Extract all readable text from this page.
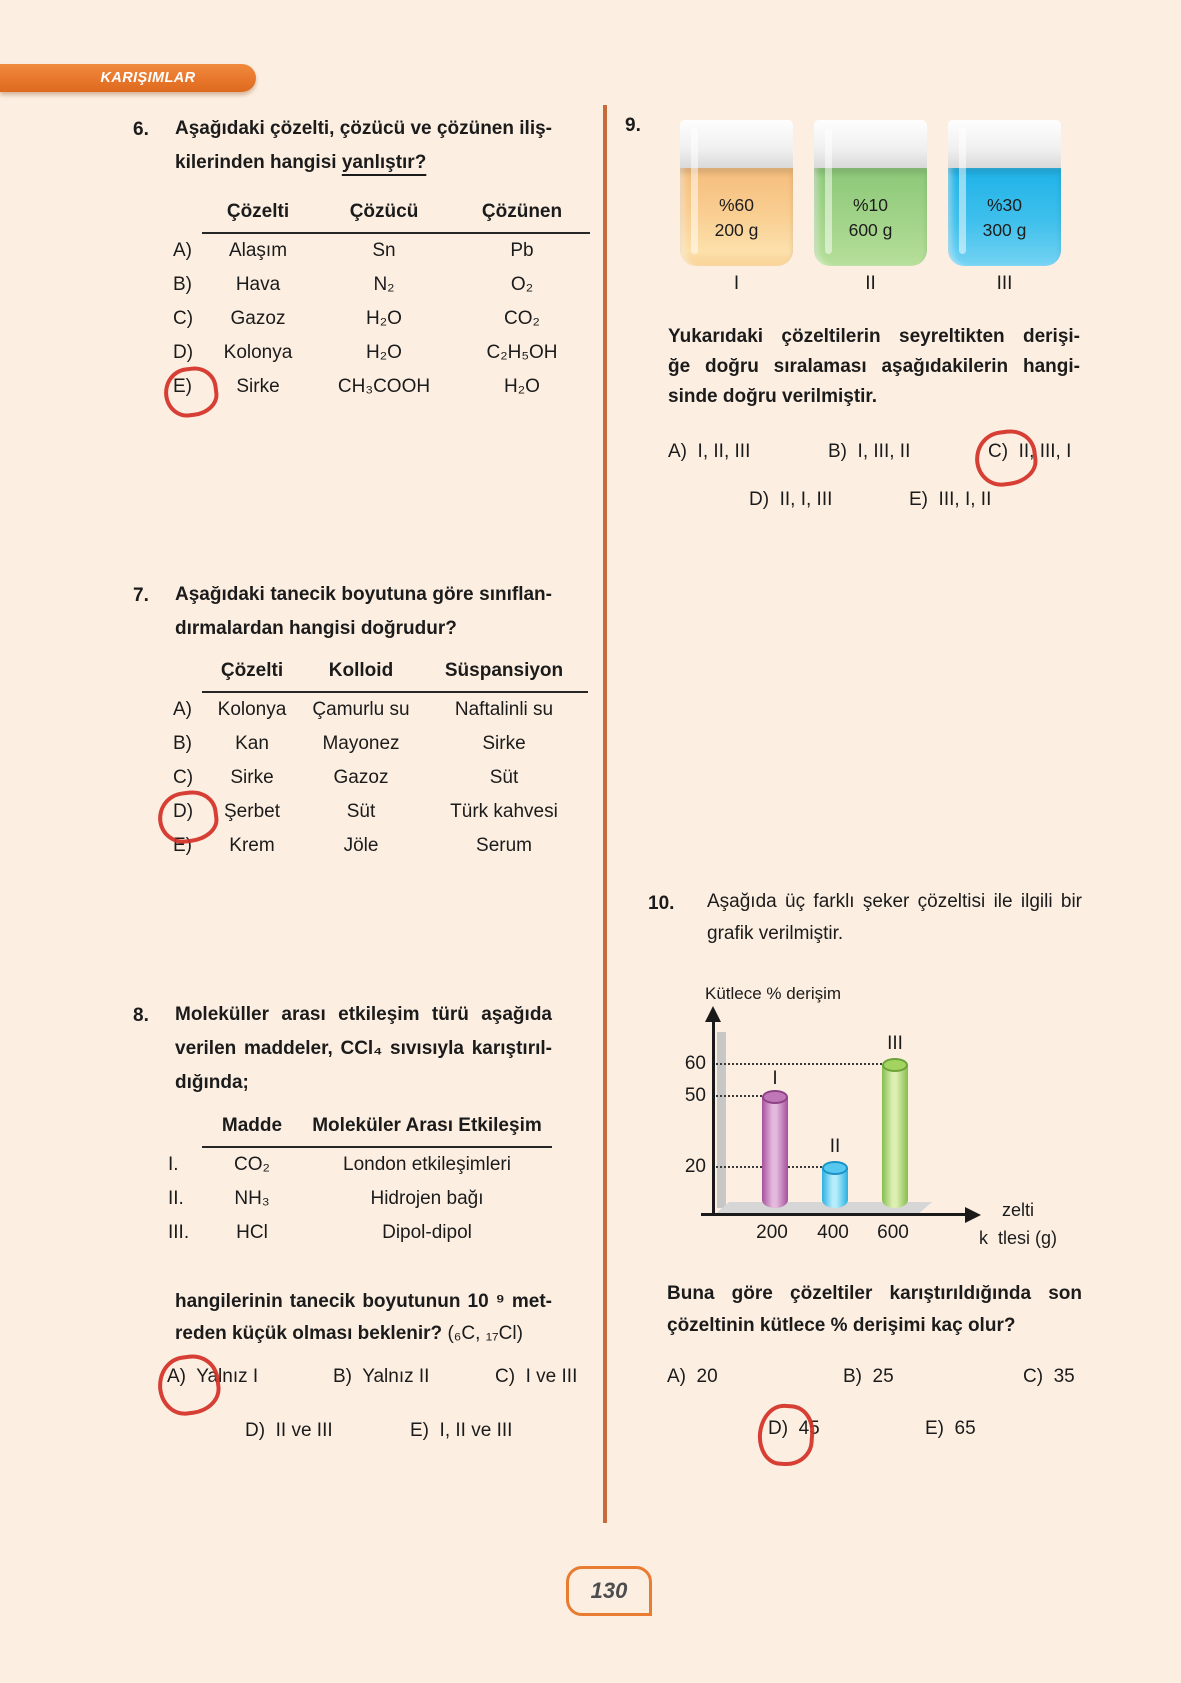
KARIŞIMLAR
6. Aşağıdaki çözelti, çözücü ve çözünen iliş-
kilerinden hangisi yanlıştır?
Çözelti	Çözücü	Çözünen
A)	Alaşım	Sn	Pb
B)	Hava	N₂	O₂
C)	Gazoz	H₂O	CO₂
D)	Kolonya	H₂O	C₂H₅OH
E)	Sirke	CH₃COOH	H₂O
7. Aşağıdaki tanecik boyutuna göre sınıflan-
dırmalardan hangisi doğrudur?
Çözelti	Kolloid	Süspansiyon
A)	Kolonya	Çamurlu su	Naftalinli su
B)	Kan	Mayonez	Sirke
C)	Sirke	Gazoz	Süt
D)	Şerbet	Süt	Türk kahvesi
E)	Krem	Jöle	Serum
8. Moleküller arası etkileşim türü aşağıda
verilen maddeler, CCl₄ sıvısıyla karıştırıl-
dığında;
Madde	Moleküler Arası Etkileşim
I.	CO₂	London etkileşimleri
II.	NH₃	Hidrojen bağı
III.	HCl	Dipol-dipol
hangilerinin tanecik boyutunun 10 ⁹ met-
reden küçük olması beklenir? (₆C, ₁₇Cl)
A)  Yalnız I	B)  Yalnız II	C)  I ve III
D)  II ve III	E)  I, II ve III
9.
%60
200 g
I
%10
600 g
II
%30
300 g
III
Yukarıdaki çözeltilerin seyreltikten derişi-
ğe doğru sıralaması aşağıdakilerin hangi-
sinde doğru verilmiştir.
A)  I, II, III	B)  I, III, II	C)  II, III, I
D)  II, I, III	E)  III, I, II
10. Aşağıda üç farklı şeker çözeltisi ile ilgili bir
grafik verilmiştir.
Kütlece % derişim
60
50
20
I
II
III
200	400	600
zelti
k  tlesi (g)
Buna göre çözeltiler karıştırıldığında son
çözeltinin kütlece % derişimi kaç olur?
A)  20	B)  25	C)  35
D)  45	E)  65
130
